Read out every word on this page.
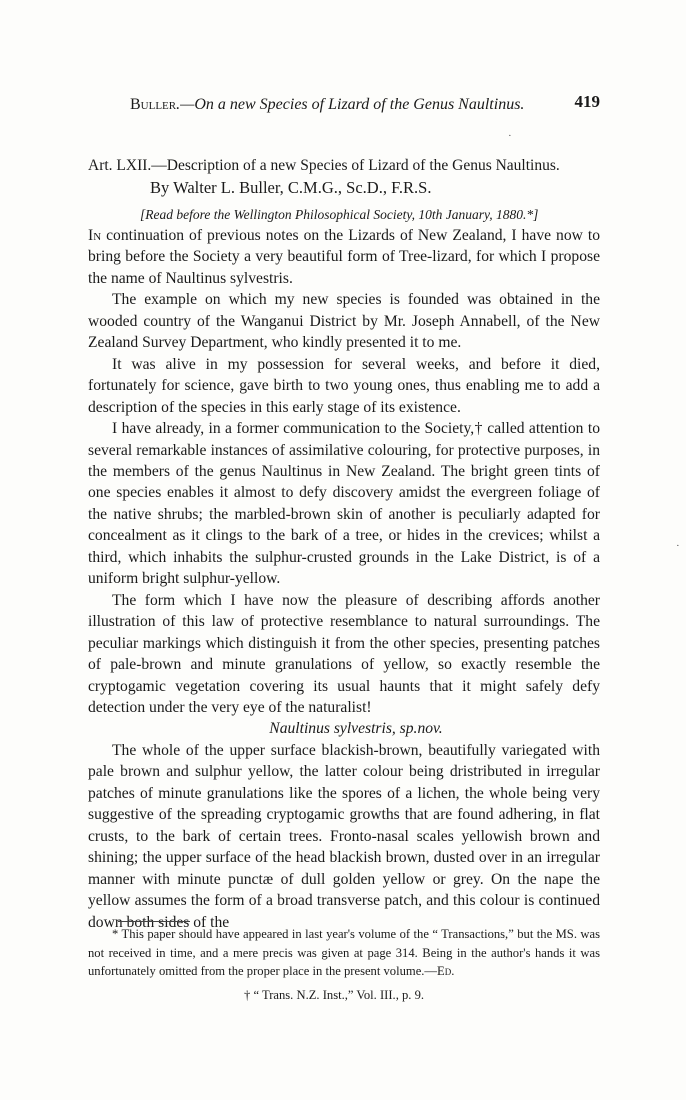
Buller.—On a new Species of Lizard of the Genus Naultinus.	419
Art. LXII.—Description of a new Species of Lizard of the Genus Naultinus.
By Walter L. Buller, C.M.G., Sc.D., F.R.S.
[Read before the Wellington Philosophical Society, 10th January, 1880.*]

In continuation of previous notes on the Lizards of New Zealand, I have now to bring before the Society a very beautiful form of Tree-lizard, for which I propose the name of Naultinus sylvestris.

The example on which my new species is founded was obtained in the wooded country of the Wanganui District by Mr. Joseph Annabell, of the New Zealand Survey Department, who kindly presented it to me.

It was alive in my possession for several weeks, and before it died, fortunately for science, gave birth to two young ones, thus enabling me to add a description of the species in this early stage of its existence.

I have already, in a former communication to the Society,† called attention to several remarkable instances of assimilative colouring, for protective purposes, in the members of the genus Naultinus in New Zealand. The bright green tints of one species enables it almost to defy discovery amidst the evergreen foliage of the native shrubs; the marbled-brown skin of another is peculiarly adapted for concealment as it clings to the bark of a tree, or hides in the crevices; whilst a third, which inhabits the sulphur-crusted grounds in the Lake District, is of a uniform bright sulphur-yellow.

The form which I have now the pleasure of describing affords another illustration of this law of protective resemblance to natural surroundings. The peculiar markings which distinguish it from the other species, presenting patches of pale-brown and minute granulations of yellow, so exactly resemble the cryptogamic vegetation covering its usual haunts that it might safely defy detection under the very eye of the naturalist!

Naultinus sylvestris, sp.nov.

The whole of the upper surface blackish-brown, beautifully variegated with pale brown and sulphur yellow, the latter colour being dristributed in irregular patches of minute granulations like the spores of a lichen, the whole being very suggestive of the spreading cryptogamic growths that are found adhering, in flat crusts, to the bark of certain trees. Fronto-nasal scales yellowish brown and shining; the upper surface of the head blackish brown, dusted over in an irregular manner with minute punctæ of dull golden yellow or grey. On the nape the yellow assumes the form of a broad transverse patch, and this colour is continued down both sides of the

* This paper should have appeared in last year's volume of the “ Transactions,” but the MS. was not received in time, and a mere precis was given at page 314. Being in the author's hands it was unfortunately omitted from the proper place in the present volume.—Ed.

† “ Trans. N.Z. Inst.,” Vol. III., p. 9.
·
·
